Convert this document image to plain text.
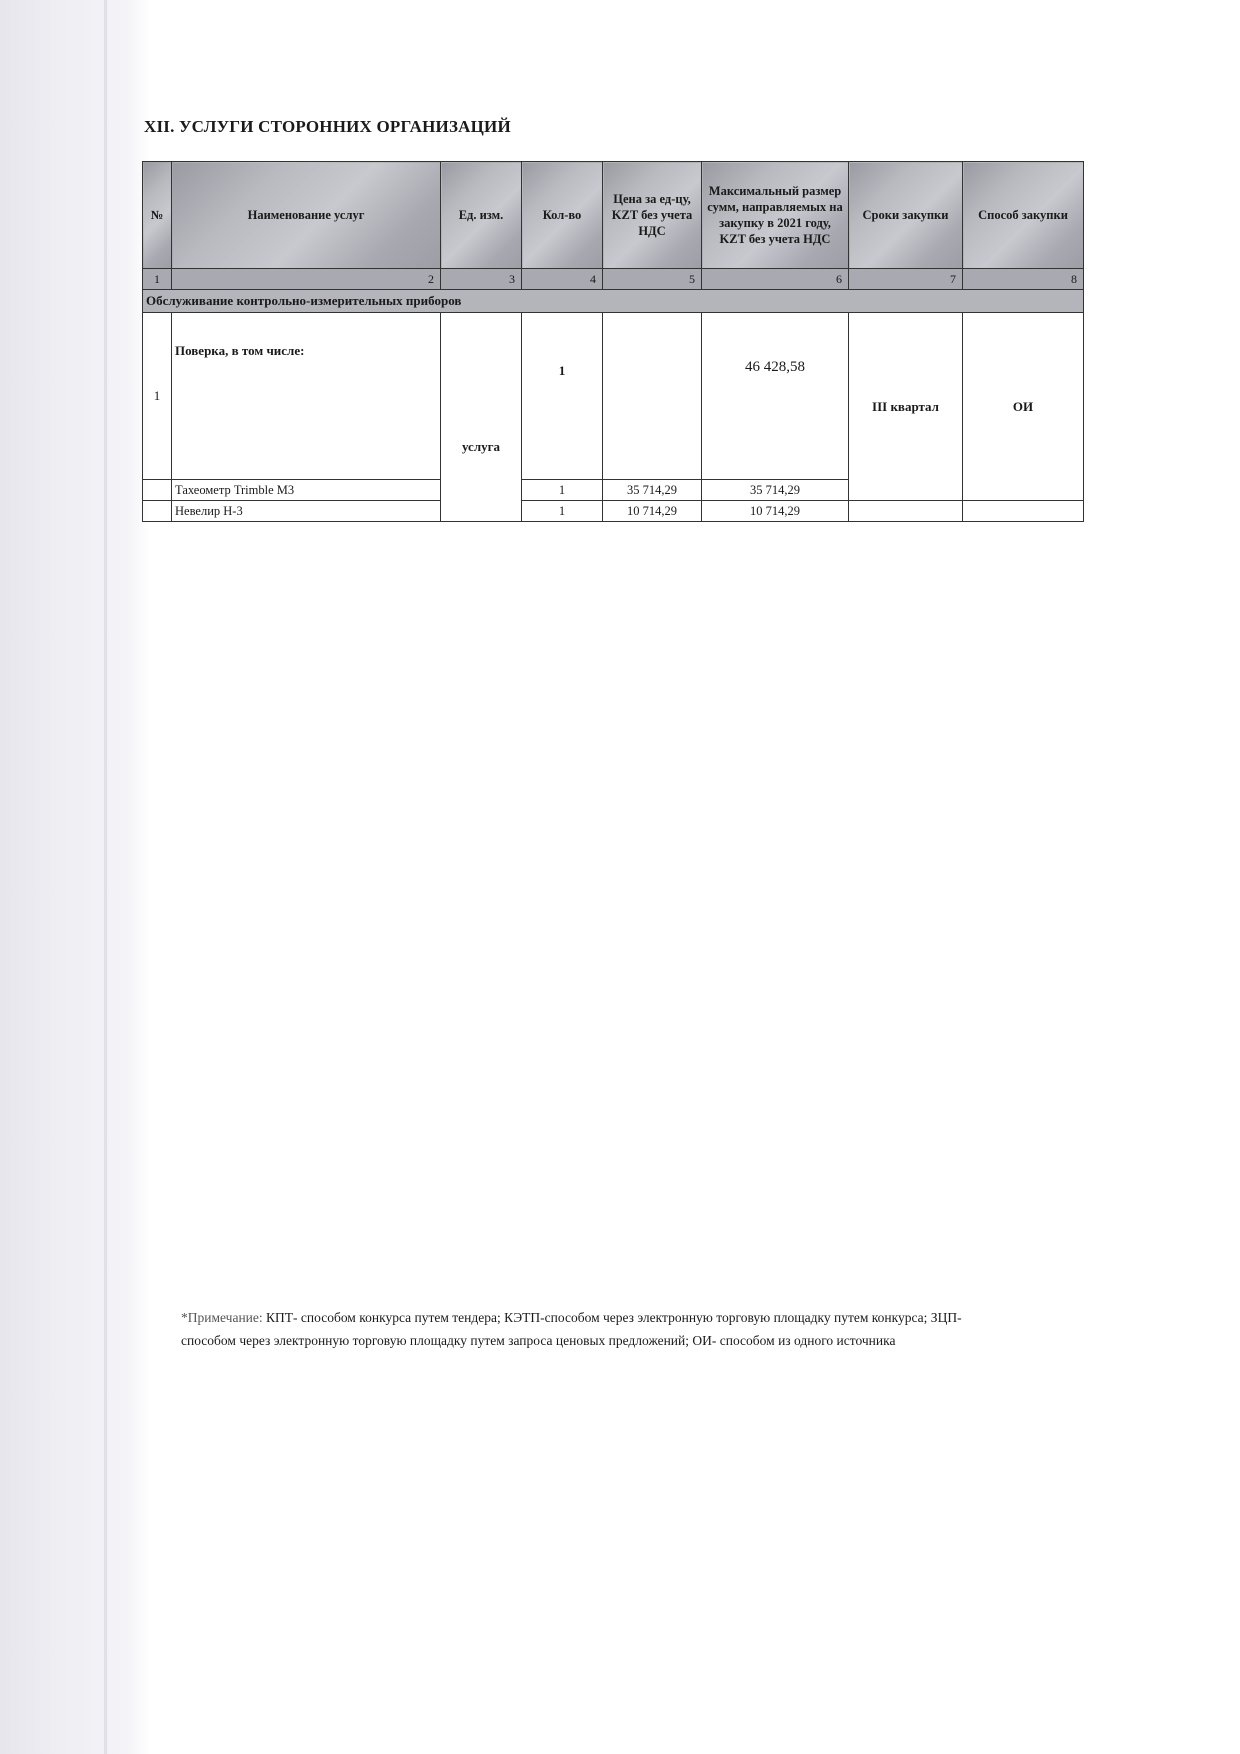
XII. УСЛУГИ СТОРОННИХ ОРГАНИЗАЦИЙ
№	Наименование услуг	Ед. изм.	Кол-во	Цена за ед-цу, KZT без учета НДС	Максимальный размер сумм, направляемых на закупку в 2021 году, KZT без учета НДС	Сроки закупки	Способ закупки
1	2	3	4	5	6	7	8
Обслуживание контрольно-измерительных приборов							
1	Поверка, в том числе:	услуга	1		46 428,58	III квартал	ОИ
	Тахеометр Trimble M3		1	35 714,29	35 714,29		
	Невелир Н-3		1	10 714,29	10 714,29		
*Примечание: КПТ- способом конкурса путем тендера; КЭТП-способом через электронную торговую площадку путем конкурса; ЗЦП-способом через электронную торговую площадку путем запроса ценовых предложений; ОИ- способом из одного источника
